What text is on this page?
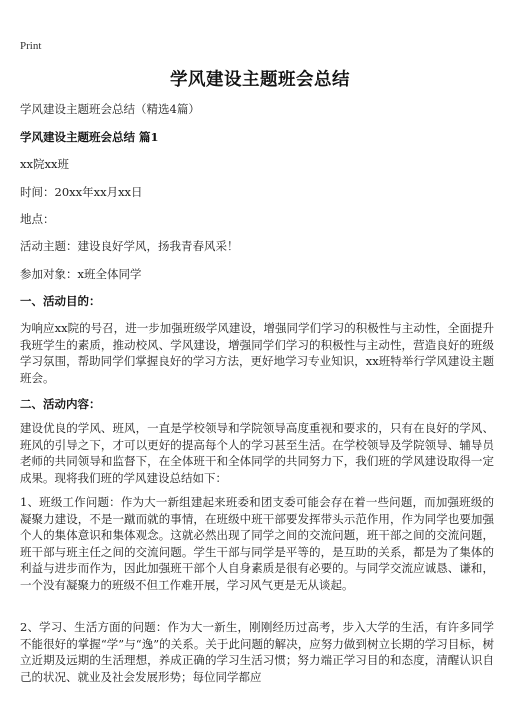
Print
学风建设主题班会总结
学风建设主题班会总结（精选4篇）
学风建设主题班会总结 篇1
xx院xx班
时间：20xx年xx月xx日
地点：
活动主题：建设良好学风，扬我青春风采！
参加对象：x班全体同学
一、活动目的：
为响应xx院的号召，进一步加强班级学风建设，增强同学们学习的积极性与主动性，全面提升我班学生的素质，推动校风、学风建设，增强同学们学习的积极性与主动性，营造良好的班级学习氛围，帮助同学们掌握良好的学习方法，更好地学习专业知识，xx班特举行学风建设主题班会。
二、活动内容：
建设优良的学风、班风，一直是学校领导和学院领导高度重视和要求的，只有在良好的学风、班风的引导之下，才可以更好的提高每个人的学习甚至生活。在学校领导及学院领导、辅导员老师的共同领导和监督下，在全体班干和全体同学的共同努力下，我们班的学风建设取得一定成果。现将我们班的学风建设总结如下：
1、班级工作问题：作为大一新组建起来班委和团支委可能会存在着一些问题，而加强班级的凝聚力建设，不是一蹴而就的事情，在班级中班干部要发挥带头示范作用，作为同学也要加强个人的集体意识和集体观念。这就必然出现了同学之间的交流问题，班干部之间的交流问题，班干部与班主任之间的交流问题。学生干部与同学是平等的，是互助的关系，都是为了集体的利益与进步而作为，因此加强班干部个人自身素质是很有必要的。与同学交流应诚恳、谦和，一个没有凝聚力的班级不但工作难开展，学习风气更是无从谈起。
2、学习、生活方面的问题：作为大一新生，刚刚经历过高考，步入大学的生活，有许多同学不能很好的掌握“学”与“逸”的关系。关于此问题的解决，应努力做到树立长期的学习目标，树立近期及远期的生活理想，养成正确的学习生活习惯；努力端正学习目的和态度，清醒认识自己的状况、就业及社会发展形势；每位同学都应
